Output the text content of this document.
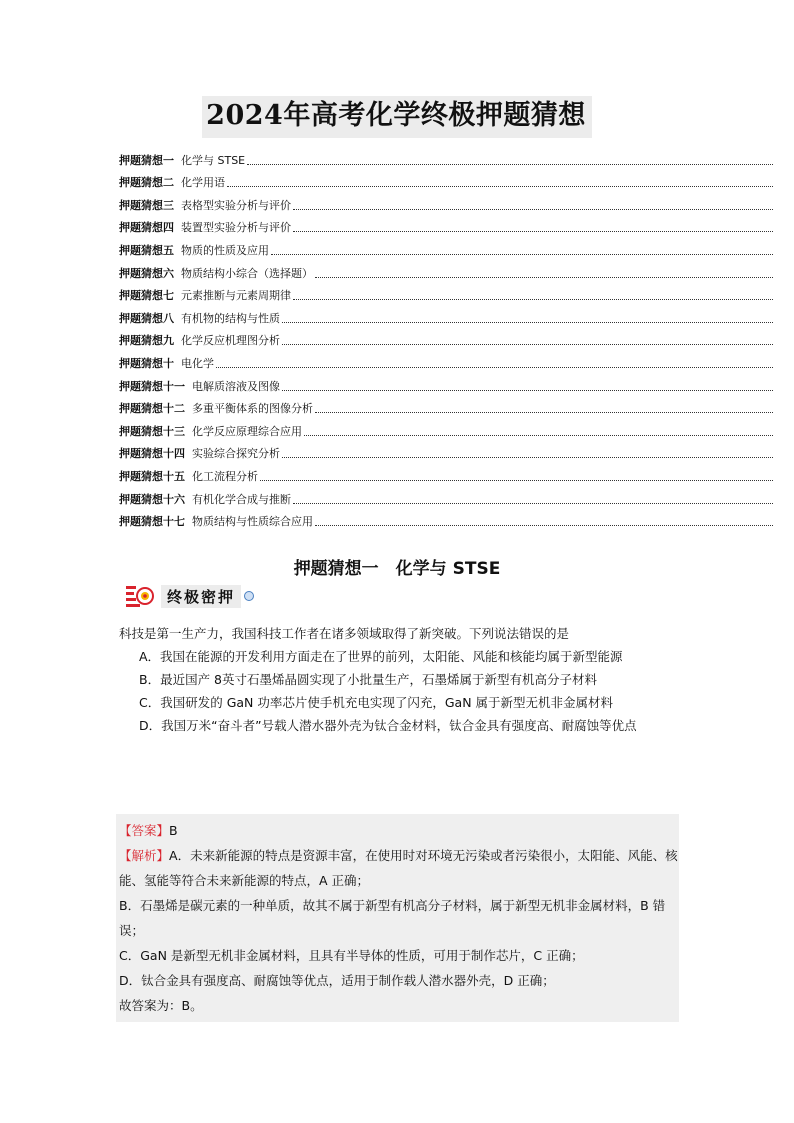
2024年高考化学终极押题猜想
押题猜想一 化学与 STSE
押题猜想二 化学用语
押题猜想三 表格型实验分析与评价
押题猜想四 装置型实验分析与评价
押题猜想五 物质的性质及应用
押题猜想六 物质结构小综合（选择题）
押题猜想七 元素推断与元素周期律
押题猜想八 有机物的结构与性质
押题猜想九 化学反应机理图分析
押题猜想十 电化学
押题猜想十一 电解质溶液及图像
押题猜想十二 多重平衡体系的图像分析
押题猜想十三 化学反应原理综合应用
押题猜想十四 实验综合探究分析
押题猜想十五 化工流程分析
押题猜想十六 有机化学合成与推断
押题猜想十七 物质结构与性质综合应用
押题猜想一　化学与 STSE
终极密押

科技是第一生产力，我国科技工作者在诸多领域取得了新突破。下列说法错误的是

A．我国在能源的开发利用方面走在了世界的前列，太阳能、风能和核能均属于新型能源

B．最近国产 8英寸石墨烯晶圆实现了小批量生产，石墨烯属于新型有机高分子材料

C．我国研发的 GaN 功率芯片使手机充电实现了闪充，GaN 属于新型无机非金属材料

D．我国万米“奋斗者”号载人潜水器外壳为钛合金材料，钛合金具有强度高、耐腐蚀等优点

【答案】B

【解析】A．未来新能源的特点是资源丰富，在使用时对环境无污染或者污染很小，太阳能、风能、核能、氢能等符合未来新能源的特点，A 正确；

B．石墨烯是碳元素的一种单质，故其不属于新型有机高分子材料，属于新型无机非金属材料，B 错误；

C．GaN 是新型无机非金属材料，且具有半导体的性质，可用于制作芯片，C 正确；

D．钛合金具有强度高、耐腐蚀等优点，适用于制作载人潜水器外壳，D 正确；

故答案为：B。
